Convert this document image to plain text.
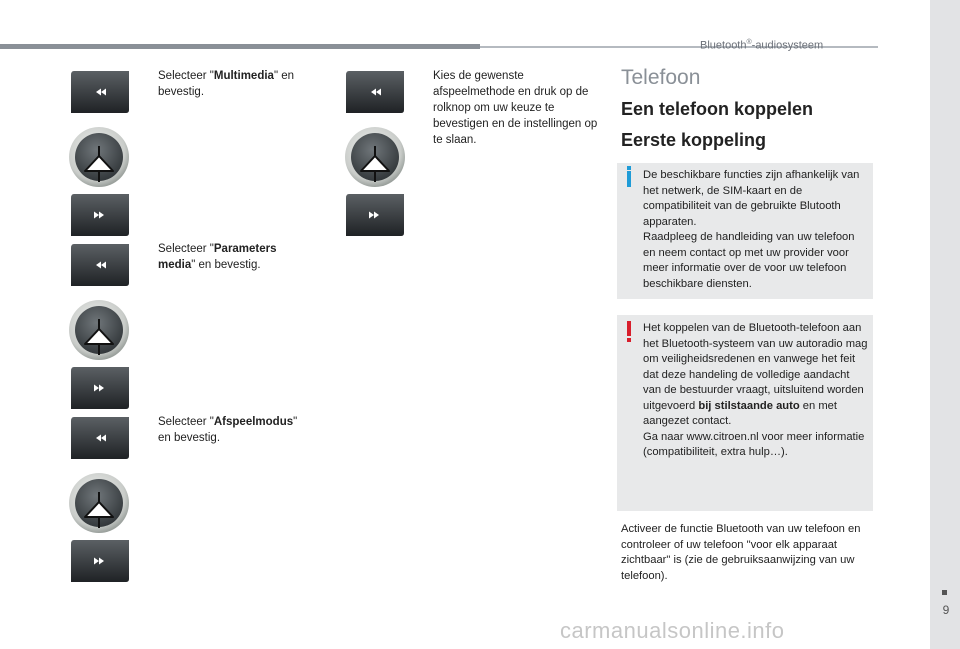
Bluetooth®-audiosysteem
9
Selecteer "Multimedia" en bevestig.
Selecteer "Parameters media" en bevestig.
Selecteer "Afspeelmodus" en bevestig.
Kies de gewenste afspeelmethode en druk op de rolknop om uw keuze te bevestigen en de instellingen op te slaan.
Telefoon
Een telefoon koppelen
Eerste koppeling

De beschikbare functies zijn afhankelijk van het netwerk, de SIM-kaart en de compatibiliteit van de gebruikte Blutooth apparaten.

Raadpleeg de handleiding van uw telefoon en neem contact op met uw provider voor meer informatie over de voor uw telefoon beschikbare diensten.

Het koppelen van de Bluetooth-telefoon aan het Bluetooth-systeem van uw autoradio mag om veiligheidsredenen en vanwege het feit dat deze handeling de volledige aandacht van de bestuurder vraagt, uitsluitend worden uitgevoerd bij stilstaande auto en met aangezet contact.

Ga naar www.citroen.nl voor meer informatie (compatibiliteit, extra hulp…).

Activeer de functie Bluetooth van uw telefoon en controleer of uw telefoon "voor elk apparaat zichtbaar" is (zie de gebruiksaanwijzing van uw telefoon).

carmanualsonline.info
